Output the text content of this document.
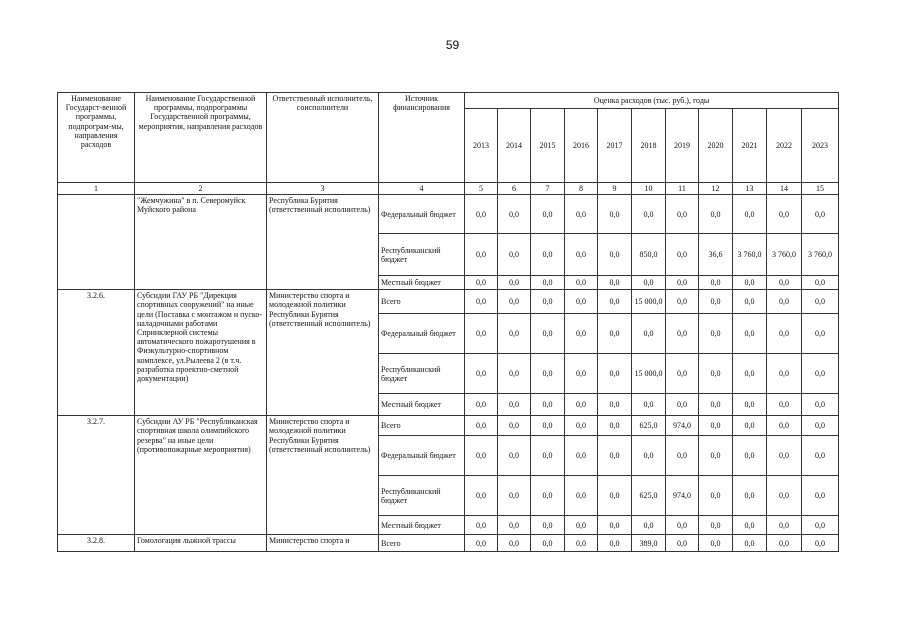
59
Наименование Государст-венной программы, подпрограм-мы, направления расходов	Наименование Государственной программы, подпрограммы Государственной программы, мероприятия, направления расходов	Ответственный исполнитель, соисполнители	Источник финансирования	Оценка расходов (тыс. руб.), годы										
				2013	2014	2015	2016	2017	2018	2019	2020	2021	2022	2023
1	2	3	4	5	6	7	8	9	10	11	12	13	14	15
	"Жемчужина" в п. Северомуйск Муйского района	Республика Бурятия (ответственный исполнитель)	Федеральный бюджет	0,0	0,0	0,0	0,0	0,0	0,0	0,0	0,0	0,0	0,0	0,0
			Республиканский бюджет	0,0	0,0	0,0	0,0	0,0	850,0	0,0	36,6	3 760,0	3 760,0	3 760,0
			Местный бюджет	0,0	0,0	0,0	0,0	0,0	0,0	0,0	0,0	0,0	0,0	0,0
3.2.6.	Субсидии ГАУ РБ "Дирекция спортивных сооружений" на иные цели (Поставка с монтажом и пуско-наладочными работами Спринклерной системы автоматического пожаротушения в Физкультурно-спортивном комплексе, ул.Рылеева 2 (в т.ч. разработка проектно-сметной документации)	Министерство спорта и молодежной политики Республики Бурятия (ответственный исполнитель)	Всего	0,0	0,0	0,0	0,0	0,0	15 000,0	0,0	0,0	0,0	0,0	0,0
			Федеральный бюджет	0,0	0,0	0,0	0,0	0,0	0,0	0,0	0,0	0,0	0,0	0,0
			Республиканский бюджет	0,0	0,0	0,0	0,0	0,0	15 000,0	0,0	0,0	0,0	0,0	0,0
			Местный бюджет	0,0	0,0	0,0	0,0	0,0	0,0	0,0	0,0	0,0	0,0	0,0
3.2.7.	Субсидии АУ РБ "Республиканская спортивная школа олимпийского резерва" на иные цели (противопожарные мероприятия)	Министерство спорта и молодежной политики Республики Бурятия (ответственный исполнитель)	Всего	0,0	0,0	0,0	0,0	0,0	625,0	974,0	0,0	0,0	0,0	0,0
			Федеральный бюджет	0,0	0,0	0,0	0,0	0,0	0,0	0,0	0,0	0,0	0,0	0,0
			Республиканский бюджет	0,0	0,0	0,0	0,0	0,0	625,0	974,0	0,0	0,0	0,0	0,0
			Местный бюджет	0,0	0,0	0,0	0,0	0,0	0,0	0,0	0,0	0,0	0,0	0,0
3.2.8.	Гомологация лыжной трассы	Министерство спорта и	Всего	0,0	0,0	0,0	0,0	0,0	389,0	0,0	0,0	0,0	0,0	0,0
